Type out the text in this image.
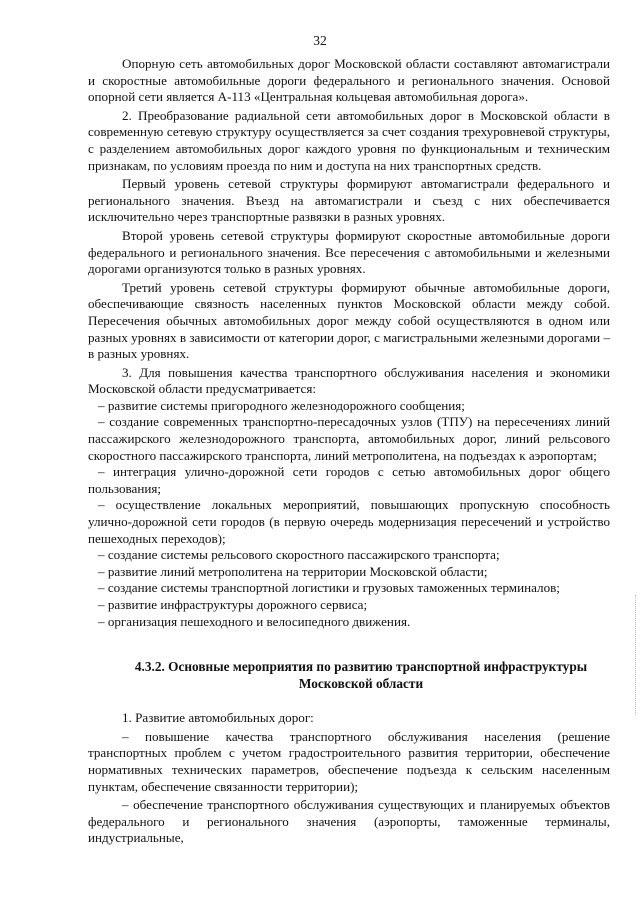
32

Опорную сеть автомобильных дорог Московской области составляют автомагистрали и скоростные автомобильные дороги федерального и регионального значения. Основой опорной сети является А-113 «Центральная кольцевая автомобильная дорога».

2. Преобразование радиальной сети автомобильных дорог в Московской области в современную сетевую структуру осуществляется за счет создания трехуровневой структуры, с разделением автомобильных дорог каждого уровня по функциональным и техническим признакам, по условиям проезда по ним и доступа на них транспортных средств.

Первый уровень сетевой структуры формируют автомагистрали федерального и регионального значения. Въезд на автомагистрали и съезд с них обеспечивается исключительно через транспортные развязки в разных уровнях.

Второй уровень сетевой структуры формируют скоростные автомобильные дороги федерального и регионального значения. Все пересечения с автомобильными и железными дорогами организуются только в разных уровнях.

Третий уровень сетевой структуры формируют обычные автомобильные дороги, обеспечивающие связность населенных пунктов Московской области между собой. Пересечения обычных автомобильных дорог между собой осуществляются в одном или разных уровнях в зависимости от категории дорог, с магистральными железными дорогами – в разных уровнях.

3. Для повышения качества транспортного обслуживания населения и экономики Московской области предусматривается:

– развитие системы пригородного железнодорожного сообщения;

– создание современных транспортно-пересадочных узлов (ТПУ) на пересечениях линий пассажирского железнодорожного транспорта, автомобильных дорог, линий рельсового скоростного пассажирского транспорта, линий метрополитена, на подъездах к аэропортам;

– интеграция улично-дорожной сети городов с сетью автомобильных дорог общего пользования;

– осуществление локальных мероприятий, повышающих пропускную способность улично-дорожной сети городов (в первую очередь модернизация пересечений и устройство пешеходных переходов);

– создание системы рельсового скоростного пассажирского транспорта;

– развитие линий метрополитена на территории Московской области;

– создание системы транспортной логистики и грузовых таможенных терминалов;

– развитие инфраструктуры дорожного сервиса;

– организация пешеходного и велосипедного движения.

4.3.2. Основные мероприятия по развитию транспортной инфраструктуры Московской области

1. Развитие автомобильных дорог:

– повышение качества транспортного обслуживания населения (решение транспортных проблем с учетом градостроительного развития территории, обеспечение нормативных технических параметров, обеспечение подъезда к сельским населенным пунктам, обеспечение связанности территории);

– обеспечение транспортного обслуживания существующих и планируемых объектов федерального и регионального значения (аэропорты, таможенные терминалы, индустриальные,
